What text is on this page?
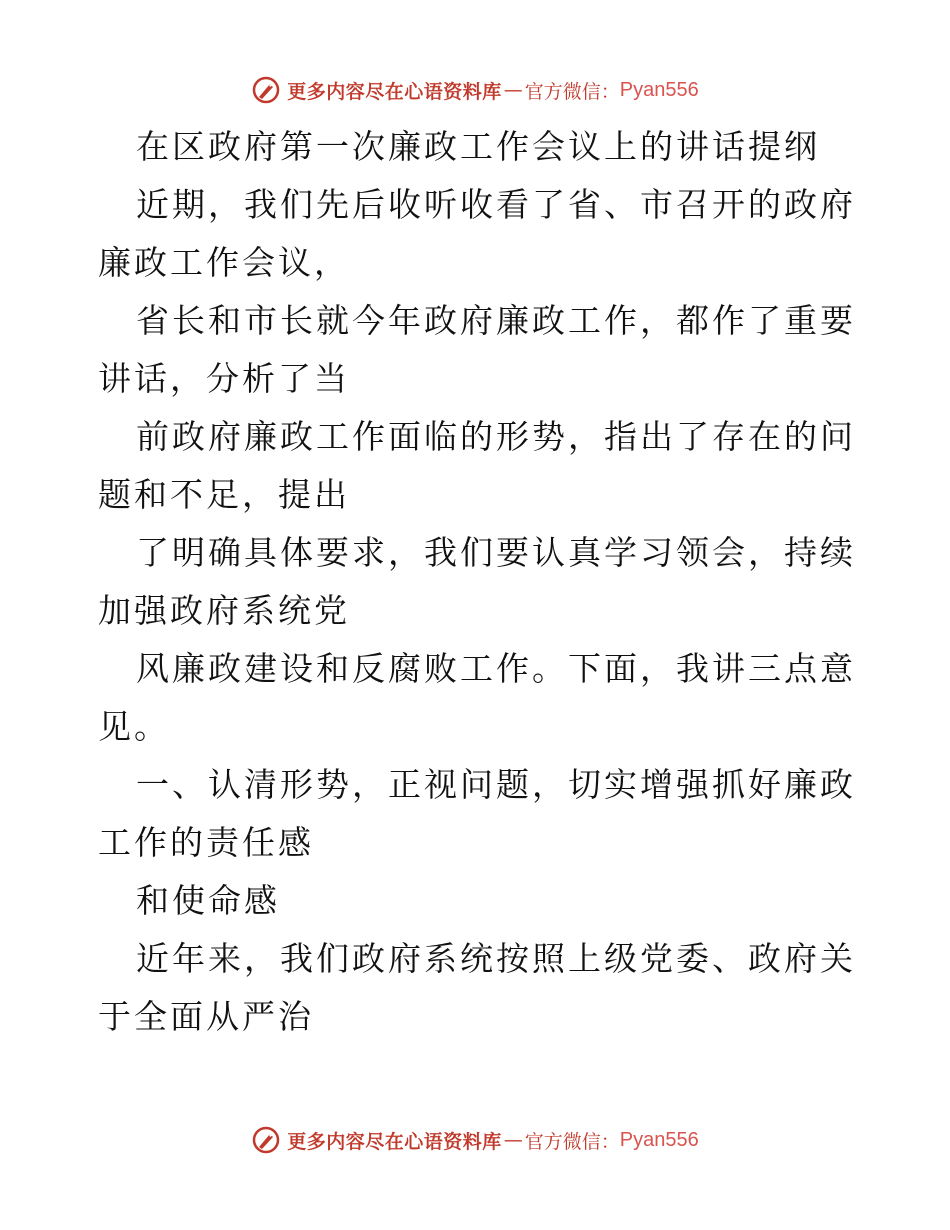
更多内容尽在心语资料库 — 官方微信： Pyan556

在区政府第一次廉政工作会议上的讲话提纲

近期，我们先后收听收看了省、市召开的政府廉政工作会议，

省长和市长就今年政府廉政工作，都作了重要讲话，分析了当

前政府廉政工作面临的形势，指出了存在的问题和不足，提出

了明确具体要求，我们要认真学习领会，持续加强政府系统党

风廉政建设和反腐败工作。下面，我讲三点意见。

一、认清形势，正视问题，切实增强抓好廉政工作的责任感

和使命感

近年来，我们政府系统按照上级党委、政府关于全面从严治

更多内容尽在心语资料库 — 官方微信： Pyan556
